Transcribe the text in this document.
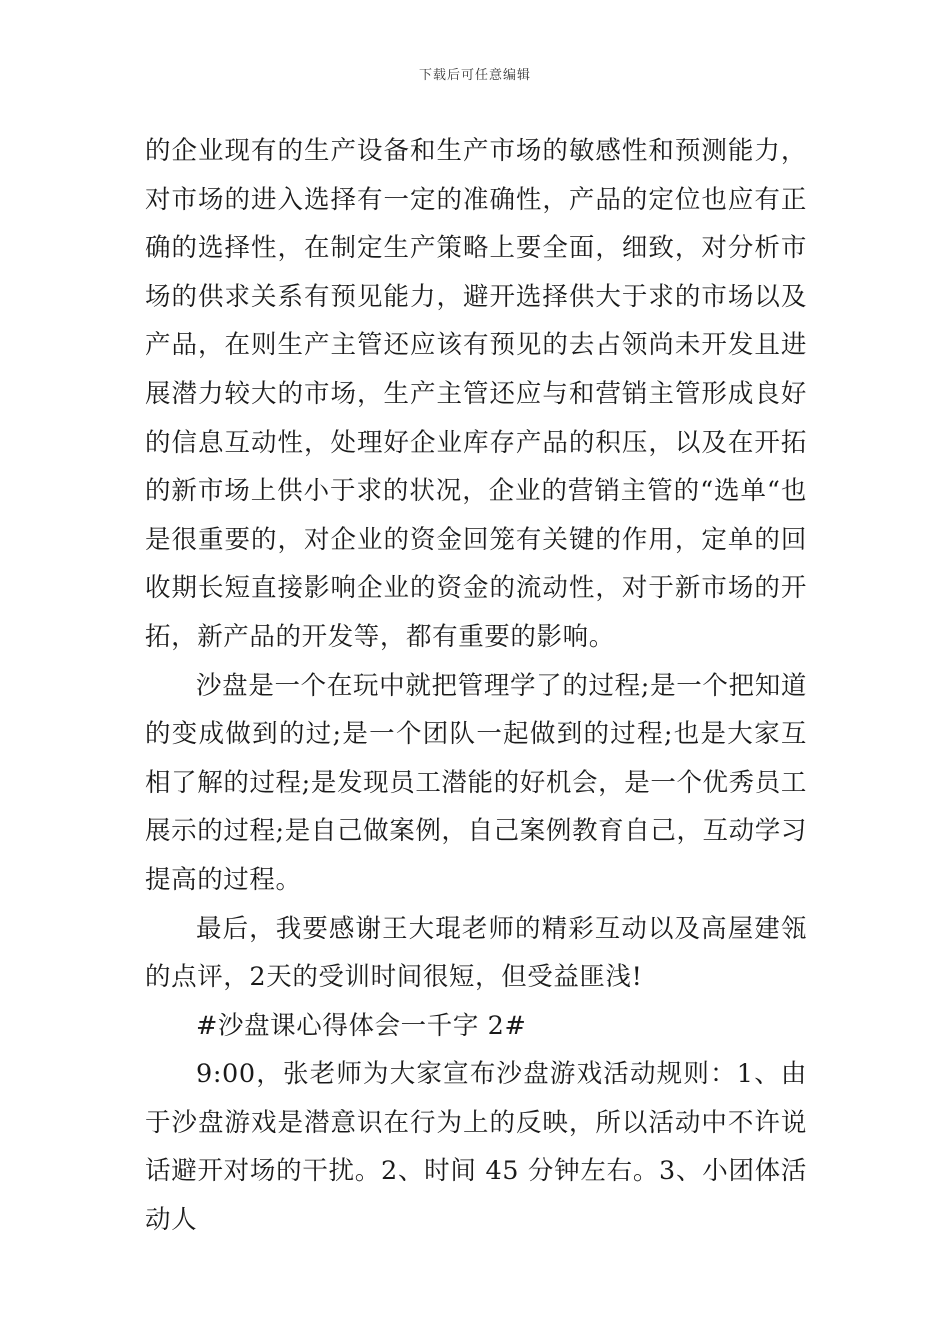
下载后可任意编辑

的企业现有的生产设备和生产市场的敏感性和预测能力，对市场的进入选择有一定的准确性，产品的定位也应有正确的选择性，在制定生产策略上要全面，细致，对分析市场的供求关系有预见能力，避开选择供大于求的市场以及产品，在则生产主管还应该有预见的去占领尚未开发且进展潜力较大的市场，生产主管还应与和营销主管形成良好的信息互动性，处理好企业库存产品的积压，以及在开拓的新市场上供小于求的状况，企业的营销主管的“选单“也是很重要的，对企业的资金回笼有关键的作用，定单的回收期长短直接影响企业的资金的流动性，对于新市场的开拓，新产品的开发等，都有重要的影响。

沙盘是一个在玩中就把管理学了的过程;是一个把知道的变成做到的过;是一个团队一起做到的过程;也是大家互相了解的过程;是发现员工潜能的好机会，是一个优秀员工展示的过程;是自己做案例，自己案例教育自己，互动学习提高的过程。

最后，我要感谢王大琨老师的精彩互动以及高屋建瓴的点评，2天的受训时间很短，但受益匪浅!

#沙盘课心得体会一千字 2#

9:00，张老师为大家宣布沙盘游戏活动规则：1、由于沙盘游戏是潜意识在行为上的反映，所以活动中不许说话避开对场的干扰。2、时间 45 分钟左右。3、小团体活动人
